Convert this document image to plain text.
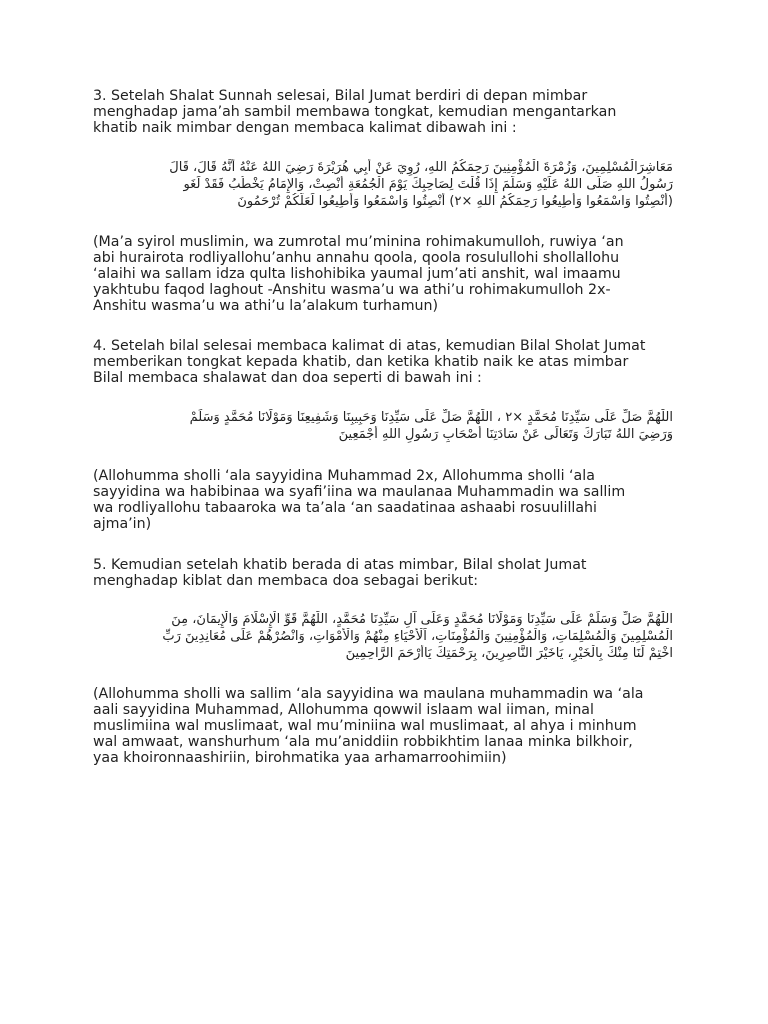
3. Setelah Shalat Sunnah selesai, Bilal Jumat berdiri di depan mimbar
menghadap jama’ah sambil membawa tongkat, kemudian mengantarkan
khatib naik mimbar dengan membaca kalimat dibawah ini :
مَعَاشِرَالْمُسْلِمِينَ، وَزُمْرَةَ الْمُؤْمِنِينَ رَحِمَكُمُ اللهِ، رُوِيَ عَنْ أَبِي هُرَيْرَةَ رَضِيَ اللهُ عَنْهُ أَنَّهُ قَالَ، قَالَ
رَسُولُ اللهِ صَلَّى اللهُ عَلَيْهِ وَسَلَّمَ إِذَا قُلْتَ لِصَاحِبِكَ يَوْمَ الْجُمُعَةِ أَنْصِتْ، وَالإِمَامُ يَخْطُبُ فَقَدْ لَغَو
(أَنْصِتُوا وَاسْمَعُوا وَأَطِيعُوا رَحِمَكُمُ اللهِ ×٢) أَنْصِتُوا وَاسْمَعُوا وَأَطِيعُوا لَعَلَّكُمْ تُرْحَمُونَ
(Ma’a syirol muslimin, wa zumrotal mu’minina rohimakumulloh, ruwiya ‘an
abi hurairota rodliyallohu’anhu annahu qoola, qoola rosulullohi shollallohu
‘alaihi wa sallam idza qulta lishohibika yaumal jum’ati anshit, wal imaamu
yakhtubu faqod laghout -Anshitu wasma’u wa athi’u rohimakumulloh 2x-
Anshitu wasma’u wa athi’u la’alakum turhamun)
4. Setelah bilal selesai membaca kalimat di atas, kemudian Bilal Sholat Jumat
memberikan tongkat kepada khatib, dan ketika khatib naik ke atas mimbar
Bilal membaca shalawat dan doa seperti di bawah ini :
اللّٰهُمَّ صَلِّ عَلَى سَيِّدِنَا مُحَمَّدٍ ×٢ ، اللّٰهُمَّ صَلِّ عَلَى سَيِّدِنَا وَحَبِيبِنَا وَشَفِيعِنَا وَمَوْلَانَا مُحَمَّدٍ وَسَلِّمْ
وَرَضِيَ اللهُ تَبَارَكَ وَتَعَالَى عَنْ سَادَتِنَا أَصْحَابِ رَسُولِ اللهِ أَجْمَعِينَ
(Allohumma sholli ‘ala sayyidina Muhammad 2x, Allohumma sholli ‘ala
sayyidina wa habibinaa wa syafi’iina wa maulanaa Muhammadin wa sallim
wa rodliyallohu tabaaroka wa ta’ala ‘an saadatinaa ashaabi rosuulillahi
ajma’in)
5. Kemudian setelah khatib berada di atas mimbar, Bilal sholat Jumat
menghadap kiblat dan membaca doa sebagai berikut:
اللّٰهُمَّ صَلِّ وَسَلِّمْ عَلَى سَيِّدِنَا وَمَوْلَانَا مُحَمَّدٍ وَعَلَى آلِ سَيِّدِنَا مُحَمَّدٍ، اللّٰهُمَّ قَوِّ الْإِسْلَامَ وَالْإِيمَانَ، مِنَ
الْمُسْلِمِينَ وَالْمُسْلِمَاتِ، وَالْمُؤْمِنِينَ وَالْمُؤْمِنَاتِ، اَلْأَحْيَاءِ مِنْهُمْ وَالْأَمْوَاتِ، وَانْصُرْهُمْ عَلَى مُعَانِدِينَ رَبِّ
اخْتِمْ لَنَا مِنْكَ بِالْخَيْرِ، يَاخَيْرَ النَّاصِرِينَ، بِرَحْمَتِكَ يَاأَرْحَمَ الرَّاحِمِينَ
(Allohumma sholli wa sallim ‘ala sayyidina wa maulana muhammadin wa ‘ala
aali sayyidina Muhammad, Allohumma qowwil islaam wal iiman, minal
muslimiina wal muslimaat, wal mu’miniina wal muslimaat, al ahya i minhum
wal amwaat, wanshurhum ‘ala mu’aniddiin robbikhtim lanaa minka bilkhoir,
yaa khoironnaashiriin, birohmatika yaa arhamarroohimiin)
